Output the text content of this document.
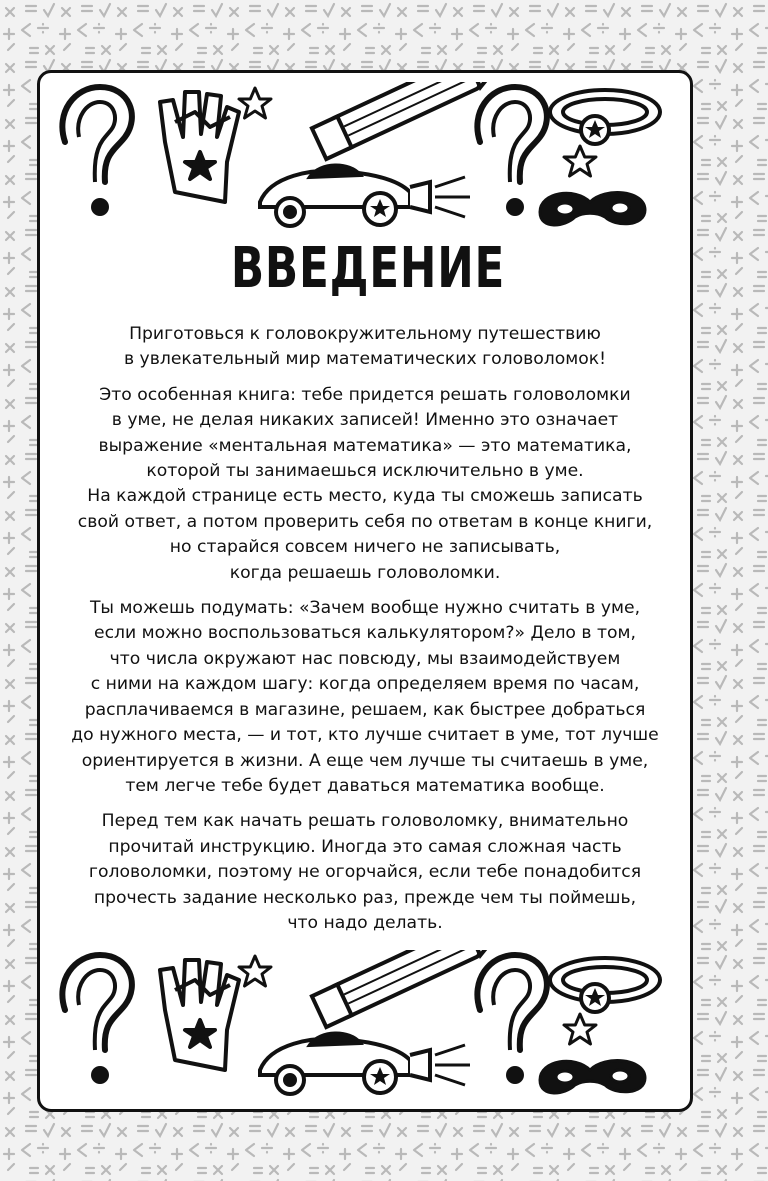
ВВЕДЕНИЕ

Приготовься к головокружительному путешествию
в увлекательный мир математических головоломок!

Это особенная книга: тебе придется решать головоломки
в уме, не делая никаких записей! Именно это означает
выражение «ментальная математика» — это математика,
которой ты занимаешься исключительно в уме.
На каждой странице есть место, куда ты сможешь записать
свой ответ, а потом проверить себя по ответам в конце книги,
но старайся совсем ничего не записывать,
когда решаешь головоломки.

Ты можешь подумать: «Зачем вообще нужно считать в уме,
если можно воспользоваться калькулятором?» Дело в том,
что числа окружают нас повсюду, мы взаимодействуем
с ними на каждом шагу: когда определяем время по часам,
расплачиваемся в магазине, решаем, как быстрее добраться
до нужного места, — и тот, кто лучше считает в уме, тот лучше
ориентируется в жизни. А еще чем лучше ты считаешь в уме,
тем легче тебе будет даваться математика вообще.

Перед тем как начать решать головоломку, внимательно
прочитай инструкцию. Иногда это самая сложная часть
головоломки, поэтому не огорчайся, если тебе понадобится
прочесть задание несколько раз, прежде чем ты поймешь,
что надо делать.
